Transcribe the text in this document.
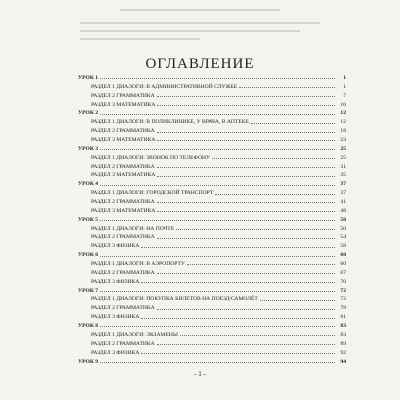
ОГЛАВЛЕНИЕ
УРОК 1	1
РАЗДЕЛ 1 ДИАЛОГИ: В АДМИНИСТРАТИВНОЙ СЛУЖБЕ	1
РАЗДЕЛ 2 ГРАММАТИКА	7
РАЗДЕЛ 3 МАТЕМАТИКА	10
УРОК 2	12
РАЗДЕЛ 1 ДИАЛОГИ: В ПОЛИКЛИНИКЕ, У ВРАЧА, В АПТЕКЕ	12
РАЗДЕЛ 2 ГРАММАТИКА	18
РАЗДЕЛ 3 МАТЕМАТИКА	23
УРОК 3	25
РАЗДЕЛ 1 ДИАЛОГИ: ЗВОНОК ПО ТЕЛЕФОНУ	25
РАЗДЕЛ 2 ГРАММАТИКА	31
РАЗДЕЛ 3 МАТЕМАТИКА	35
УРОК 4	37
РАЗДЕЛ 1 ДИАЛОГИ: ГОРОДСКОЙ ТРАНСПОРТ	37
РАЗДЕЛ 2 ГРАММАТИКА	41
РАЗДЕЛ 3 МАТЕМАТИКА	48
УРОК 5	50
РАЗДЕЛ 1 ДИАЛОГИ: НА ПОЧТЕ	50
РАЗДЕЛ 2 ГРАММАТИКА	54
РАЗДЕЛ 3 ФИЗИКА	58
УРОК 6	60
РАЗДЕЛ 1 ДИАЛОГИ: В АЭРОПОРТУ	60
РАЗДЕЛ 2 ГРАММАТИКА	67
РАЗДЕЛ 3 ФИЗИКА	70
УРОК 7	72
РАЗДЕЛ 1 ДИАЛОГИ: ПОКУПКА БИЛЕТОВ НА ПОЕЗД/САМОЛЁТ	72
РАЗДЕЛ 2 ГРАММАТИКА	78
РАЗДЕЛ 3 ФИЗИКА	81
УРОК 8	83
РАЗДЕЛ 1 ДИАЛОГИ: ЭКЗАМЕНЫ	83
РАЗДЕЛ 2 ГРАММАТИКА	89
РАЗДЕЛ 3 ФИЗИКА	92
УРОК 9	94
- 1 -
